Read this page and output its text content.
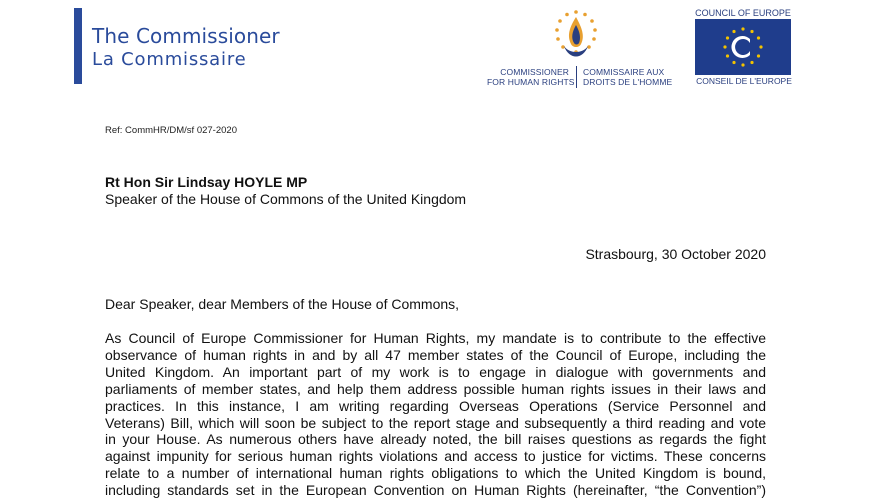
The Commissioner
La Commissaire
COMMISSIONER
FOR HUMAN RIGHTS
COMMISSAIRE AUX
DROITS DE L'HOMME
COUNCIL OF EUROPE
CONSEIL DE L'EUROPE
Ref: CommHR/DM/sf 027-2020
Rt Hon Sir Lindsay HOYLE MP
Speaker of the House of Commons of the United Kingdom
Strasbourg, 30 October 2020
Dear Speaker, dear Members of the House of Commons,
As Council of Europe Commissioner for Human Rights, my mandate is to contribute to the effective
observance of human rights in and by all 47 member states of the Council of Europe, including the
United Kingdom. An important part of my work is to engage in dialogue with governments and
parliaments of member states, and help them address possible human rights issues in their laws and
practices. In this instance, I am writing regarding Overseas Operations (Service Personnel and
Veterans) Bill, which will soon be subject to the report stage and subsequently a third reading and vote
in your House. As numerous others have already noted, the bill raises questions as regards the fight
against impunity for serious human rights violations and access to justice for victims. These concerns
relate to a number of international human rights obligations to which the United Kingdom is bound,
including standards set in the European Convention on Human Rights (hereinafter, “the Convention”)
